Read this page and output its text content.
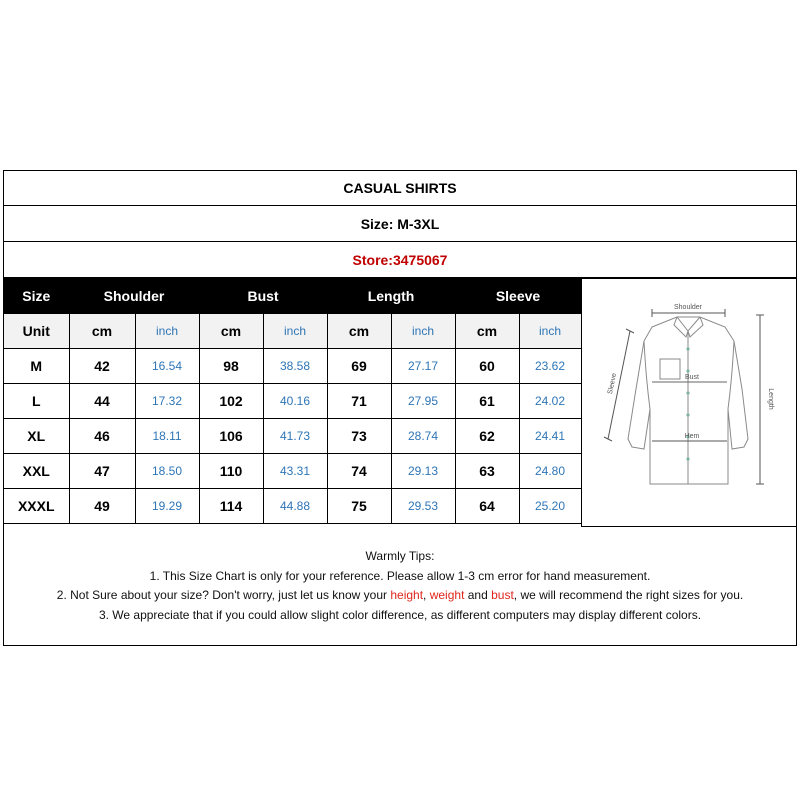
CASUAL SHIRTS
Size: M-3XL
Store:3475067
Size	Shoulder		Bust		Length		Sleeve	
Unit	cm	inch	cm	inch	cm	inch	cm	inch
M	42	16.54	98	38.58	69	27.17	60	23.62
L	44	17.32	102	40.16	71	27.95	61	24.02
XL	46	18.11	106	41.73	73	28.74	62	24.41
XXL	47	18.50	110	43.31	74	29.13	63	24.80
XXXL	49	19.29	114	44.88	75	29.53	64	25.20
Shoulder
Bust
Hem
Length
Sleeve
Warmly Tips:
1. This Size Chart is only for your reference. Please allow 1-3 cm error for hand measurement.
2. Not Sure about your size? Don't worry, just let us know your height, weight and bust, we will recommend the right sizes for you.
3. We appreciate that if you could allow slight color difference, as different computers may display different colors.
